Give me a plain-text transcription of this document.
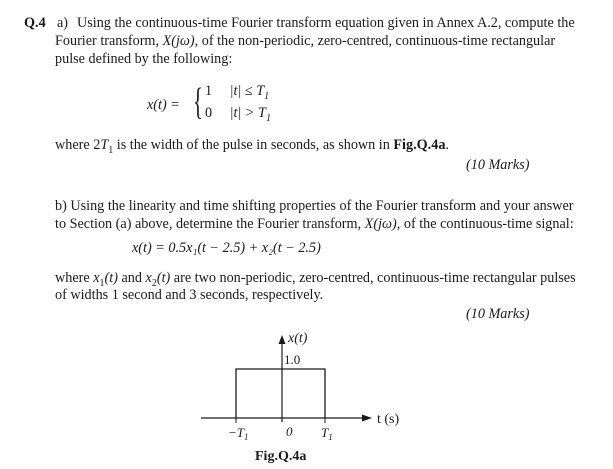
Q.4 a) Using the continuous-time Fourier transform equation given in Annex A.2, compute the
Fourier transform, X(jω), of the non-periodic, zero-centred, continuous-time rectangular
pulse defined by the following:
x(t) = { 1 $|t| \le T_1$
0 $|t| > T_1$
where $2T_1$ is the width of the pulse in seconds, as shown in Fig.Q.4a.
(10 Marks)
b) Using the linearity and time shifting properties of the Fourier transform and your answer
to Section (a) above, determine the Fourier transform, X(jω), of the continuous-time signal:
x(t) = 0.5x₁(t − 2.5) + x₂(t − 2.5)
where $x_1(t)$ and $x_2(t)$ are two non-periodic, zero-centred, continuous-time rectangular pulses
of widths 1 second and 3 seconds, respectively.
(10 Marks)
x(t)
1.0
t (s)
$-T_1$	0 $T_1$
Fig.Q.4a
